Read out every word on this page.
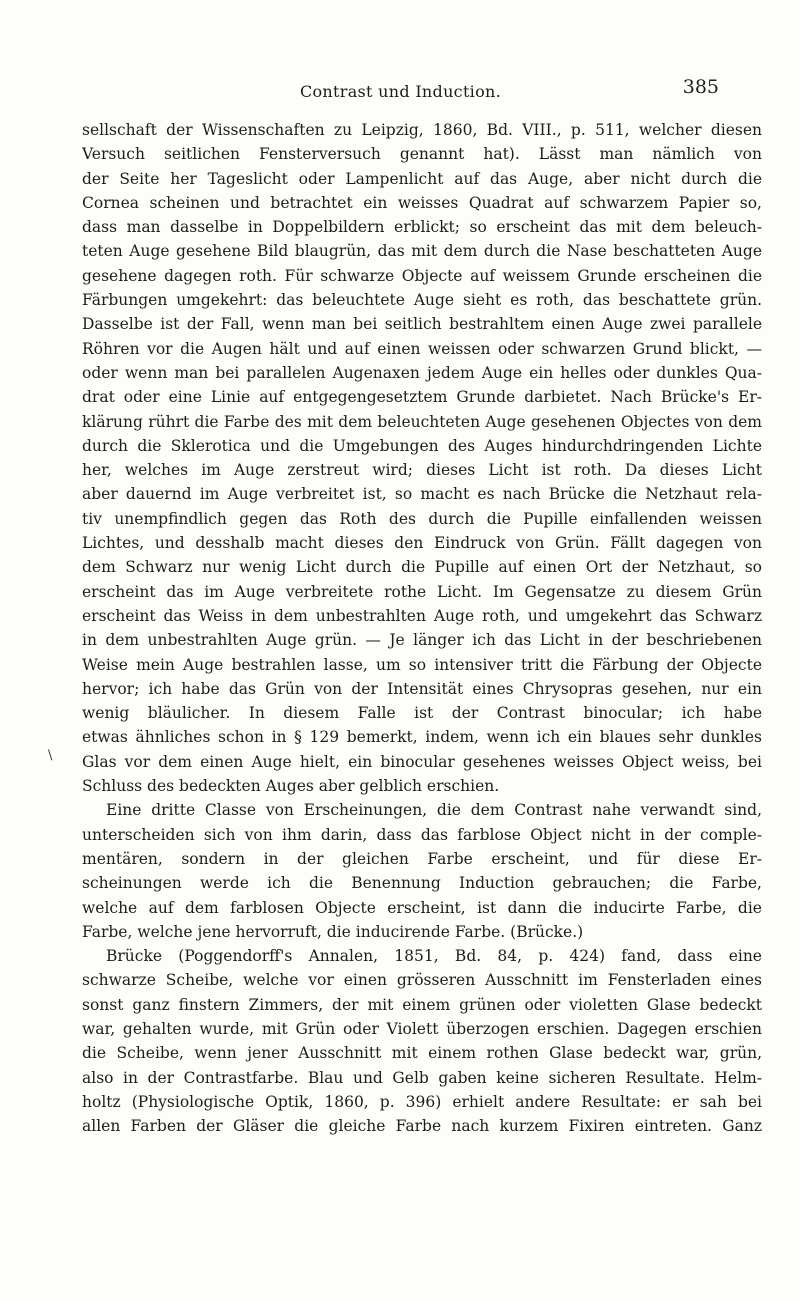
Contrast und Induction.	385
\
sellschaft der Wissenschaften zu Leipzig, 1860, Bd. VIII., p. 511, welcher diesen
Versuch seitlichen Fensterversuch genannt hat). Lässt man nämlich von
der Seite her Tageslicht oder Lampenlicht auf das Auge, aber nicht durch die
Cornea scheinen und betrachtet ein weisses Quadrat auf schwarzem Papier so,
dass man dasselbe in Doppelbildern erblickt; so erscheint das mit dem beleuch-
teten Auge gesehene Bild blaugrün, das mit dem durch die Nase beschatteten Auge
gesehene dagegen roth. Für schwarze Objecte auf weissem Grunde erscheinen die
Färbungen umgekehrt: das beleuchtete Auge sieht es roth, das beschattete grün.
Dasselbe ist der Fall, wenn man bei seitlich bestrahltem einen Auge zwei parallele
Röhren vor die Augen hält und auf einen weissen oder schwarzen Grund blickt, —
oder wenn man bei parallelen Augenaxen jedem Auge ein helles oder dunkles Qua-
drat oder eine Linie auf entgegengesetztem Grunde darbietet. Nach Brücke's Er-
klärung rührt die Farbe des mit dem beleuchteten Auge gesehenen Objectes von dem
durch die Sklerotica und die Umgebungen des Auges hindurchdringenden Lichte
her, welches im Auge zerstreut wird; dieses Licht ist roth. Da dieses Licht
aber dauernd im Auge verbreitet ist, so macht es nach Brücke die Netzhaut rela-
tiv unempfindlich gegen das Roth des durch die Pupille einfallenden weissen
Lichtes, und desshalb macht dieses den Eindruck von Grün. Fällt dagegen von
dem Schwarz nur wenig Licht durch die Pupille auf einen Ort der Netzhaut, so
erscheint das im Auge verbreitete rothe Licht. Im Gegensatze zu diesem Grün
erscheint das Weiss in dem unbestrahlten Auge roth, und umgekehrt das Schwarz
in dem unbestrahlten Auge grün. — Je länger ich das Licht in der beschriebenen
Weise mein Auge bestrahlen lasse, um so intensiver tritt die Färbung der Objecte
hervor; ich habe das Grün von der Intensität eines Chrysopras gesehen, nur ein
wenig bläulicher. In diesem Falle ist der Contrast binocular; ich habe
etwas ähnliches schon in § 129 bemerkt, indem, wenn ich ein blaues sehr dunkles
Glas vor dem einen Auge hielt, ein binocular gesehenes weisses Object weiss, bei
Schluss des bedeckten Auges aber gelblich erschien.
Eine dritte Classe von Erscheinungen, die dem Contrast nahe verwandt sind,
unterscheiden sich von ihm darin, dass das farblose Object nicht in der comple-
mentären, sondern in der gleichen Farbe erscheint, und für diese Er-
scheinungen werde ich die Benennung Induction gebrauchen; die Farbe,
welche auf dem farblosen Objecte erscheint, ist dann die inducirte Farbe, die
Farbe, welche jene hervorruft, die inducirende Farbe. (Brücke.)
Brücke (Poggendorff's Annalen, 1851, Bd. 84, p. 424) fand, dass eine
schwarze Scheibe, welche vor einen grösseren Ausschnitt im Fensterladen eines
sonst ganz finstern Zimmers, der mit einem grünen oder violetten Glase bedeckt
war, gehalten wurde, mit Grün oder Violett überzogen erschien. Dagegen erschien
die Scheibe, wenn jener Ausschnitt mit einem rothen Glase bedeckt war, grün,
also in der Contrastfarbe. Blau und Gelb gaben keine sicheren Resultate. Helm-
holtz (Physiologische Optik, 1860, p. 396) erhielt andere Resultate: er sah bei
allen Farben der Gläser die gleiche Farbe nach kurzem Fixiren eintreten. Ganz
